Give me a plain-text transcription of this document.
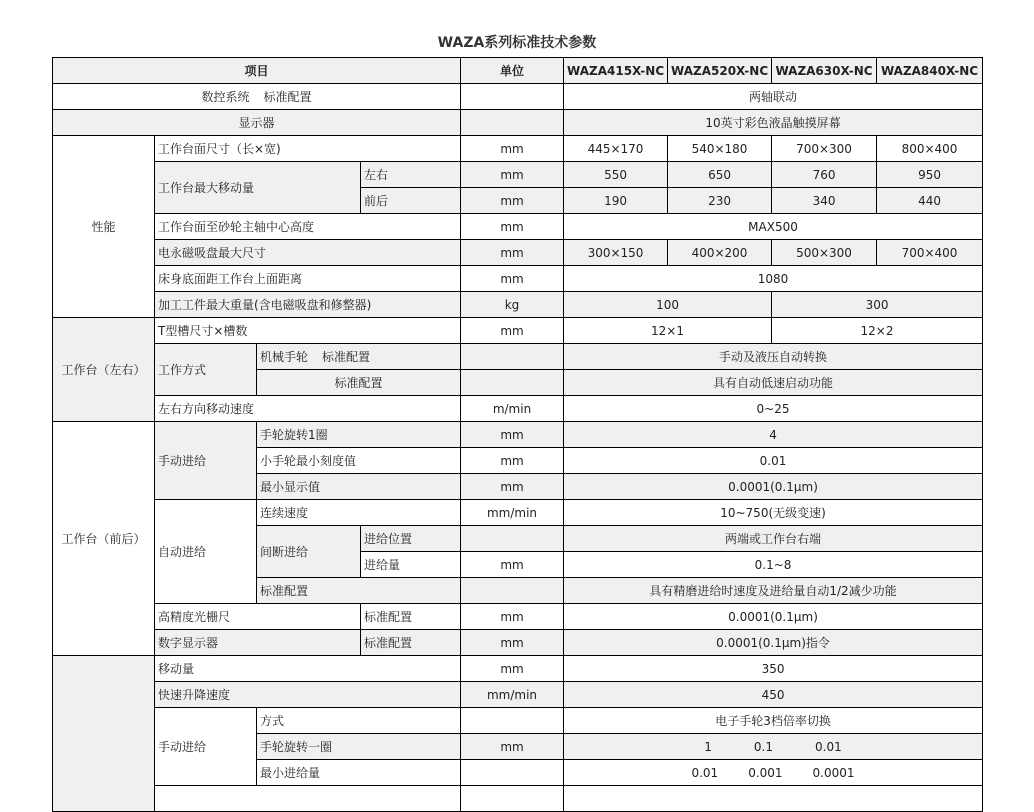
WAZA系列标准技术参数
项目				单位	WAZA415X-NC	WAZA520X-NC	WAZA630X-NC	WAZA840X-NC
数控系统 标准配置					两轴联动			
显示器					10英寸彩色液晶触摸屏幕			
性能	工作台面尺寸（长×宽)			mm	445×170	540×180	700×300	800×400
	工作台最大移动量		左右	mm	550	650	760	950
			前后	mm	190	230	340	440
	工作台面至砂轮主轴中心高度			mm	MAX500			
	电永磁吸盘最大尺寸			mm	300×150	400×200	500×300	700×400
	床身底面距工作台上面距离			mm	1080			
	加工工件最大重量(含电磁吸盘和修整器)			kg	100		300	
工作台（左右）	T型槽尺寸×槽数			mm	12×1		12×2	
	工作方式	机械手轮 标准配置			手动及液压自动转换			
		标准配置			具有自动低速启动功能			
	左右方向移动速度			m/min	0~25			
工作台（前后）	手动进给	手轮旋转1圈		mm	4			
		小手轮最小刻度值		mm	0.01			
		最小显示值		mm	0.0001(0.1μm)			
	自动进给	连续速度		mm/min	10~750(无级变速)			
		间断进给	进给位置		两端或工作台右端			
			进给量	mm	0.1~8			
		标准配置			具有精磨进给时速度及进给量自动1/2减少功能			
	高精度光栅尺		标准配置	mm	0.0001(0.1μm)			
	数字显示器		标准配置	mm	0.0001(0.1μm)指令			
	移动量			mm	350			
	快速升降速度			mm/min	450			
	手动进给	方式			电子手轮3档倍率切换			
		手轮旋转一圈		mm	1 0.1 0.01			
		最小进给量			0.01 0.001 0.0001			
